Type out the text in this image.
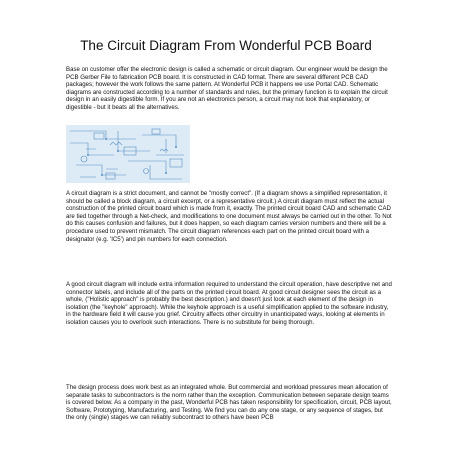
The Circuit Diagram From Wonderful PCB Board

Base on customer offer the electronic design is called a schematic or circuit diagram. Our engineer would be design the PCB Gerber File to fabrication PCB board. It is constructed in CAD format. There are several different PCB CAD packages; however the work follows the same pattern. At Wonderful PCB it happens we use Portal CAD. Schematic diagrams are constructed according to a number of standards and rules, but the primary function is to explain the circuit design in an easily digestible form. If you are not an electronics person, a circuit may not look that explanatory, or digestible - but it beats all the alternatives.

A circuit diagram is a strict document, and cannot be "mostly correct". (If a diagram shows a simplified representation, it should be called a block diagram, a circuit excerpt, or a representative circuit.) A circuit diagram must reflect the actual construction of the printed circuit board which is made from it, exactly. The printed circuit board CAD and schematic CAD are tied together through a Net-check, and modifications to one document must always be carried out in the other. To Not do this causes confusion and failures, but it does happen, so each diagram carries version numbers and there will be a procedure used to prevent mismatch. The circuit diagram references each part on the printed circuit board with a designator (e.g. 'IC5') and pin numbers for each connection.

A good circuit diagram will include extra information required to understand the circuit operation, have descriptive net and connector labels, and include all of the parts on the printed circuit board. At good circuit designer sees the circuit as a whole, ("Holistic approach" is probably the best description.) and doesn't just look at each element of the design in isolation (the "keyhole" approach). While the keyhole approach is a useful simplification applied to the software industry, in the hardware field it will cause you grief. Circuitry affects other circuitry in unanticipated ways, looking at elements in isolation causes you to overlook such interactions. There is no substitute for being thorough.

The design process does work best as an integrated whole. But commercial and workload pressures mean allocation of separate tasks to subcontractors is the norm rather than the exception. Communication between separate design teams is covered below. As a company in the past, Wonderful PCB has taken responsibility for specification, circuit, PCB layout, Software, Prototyping, Manufacturing, and Testing. We find you can do any one stage, or any sequence of stages, but the only (single) stages we can reliably subcontract to others have been PCB
